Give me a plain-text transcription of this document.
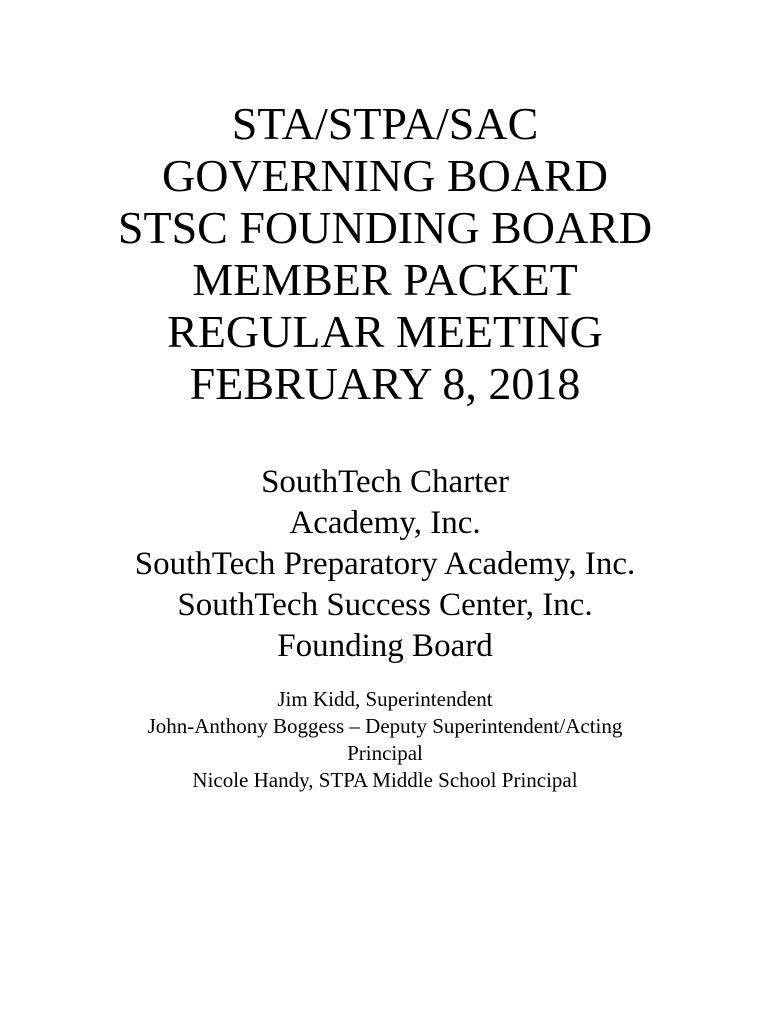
STA/STPA/SAC
GOVERNING BOARD
STSC FOUNDING BOARD
MEMBER PACKET
REGULAR MEETING
FEBRUARY 8, 2018
SouthTech Charter
Academy, Inc.
SouthTech Preparatory Academy, Inc.
SouthTech Success Center, Inc.
Founding Board
Jim Kidd, Superintendent
John-Anthony Boggess – Deputy Superintendent/Acting
Principal
Nicole Handy, STPA Middle School Principal
